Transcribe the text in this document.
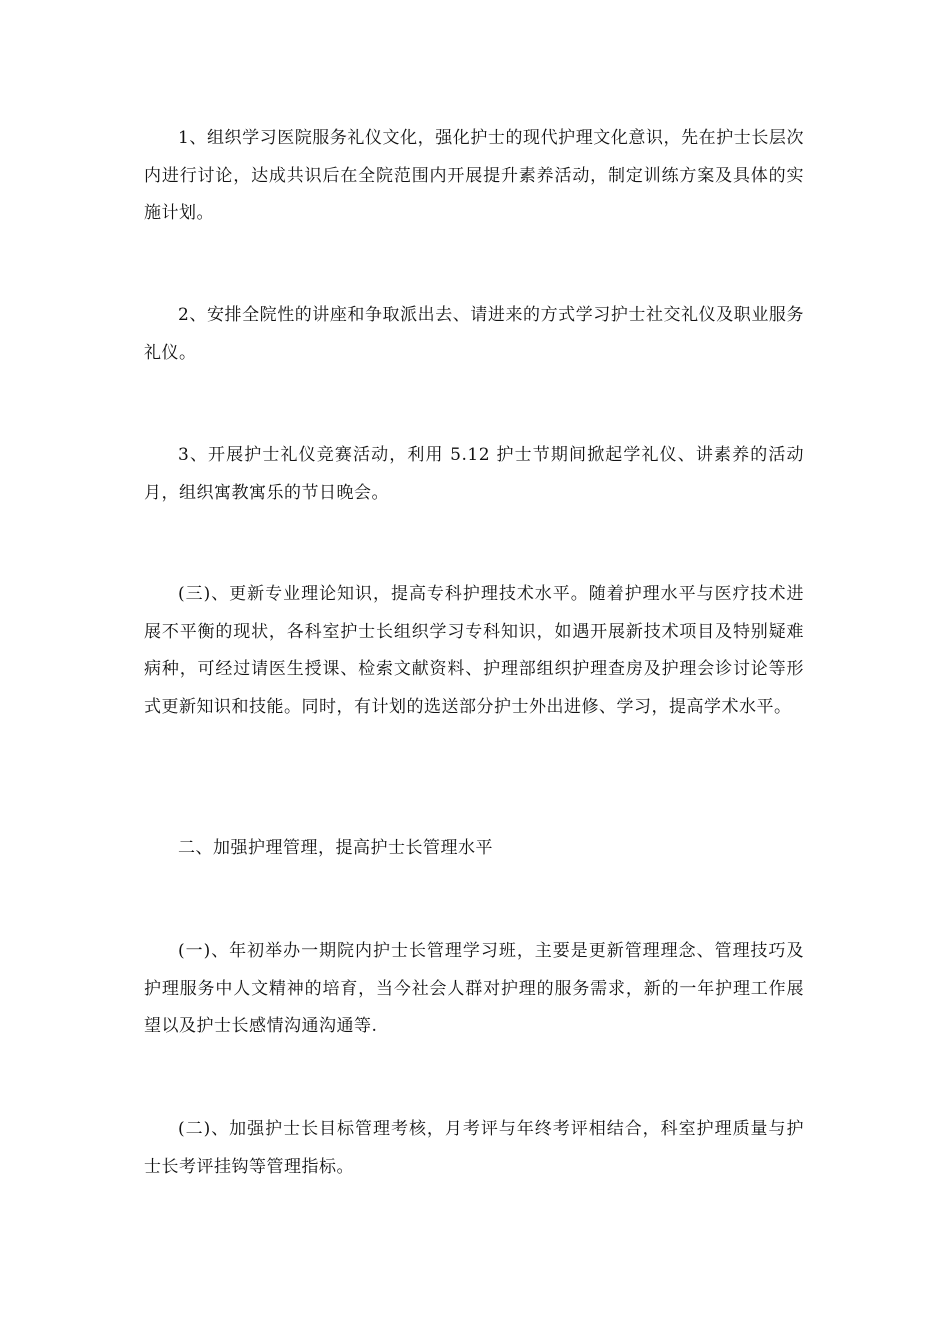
1、组织学习医院服务礼仪文化，强化护士的现代护理文化意识，先在护士长层次内进行讨论，达成共识后在全院范围内开展提升素养活动，制定训练方案及具体的实施计划。

2、安排全院性的讲座和争取派出去、请进来的方式学习护士社交礼仪及职业服务礼仪。

3、开展护士礼仪竞赛活动，利用 5.12 护士节期间掀起学礼仪、讲素养的活动月，组织寓教寓乐的节日晚会。

(三)、更新专业理论知识，提高专科护理技术水平。随着护理水平与医疗技术进展不平衡的现状，各科室护士长组织学习专科知识，如遇开展新技术项目及特别疑难病种，可经过请医生授课、检索文献资料、护理部组织护理查房及护理会诊讨论等形式更新知识和技能。同时，有计划的选送部分护士外出进修、学习，提高学术水平。

二、加强护理管理，提高护士长管理水平

(一)、年初举办一期院内护士长管理学习班，主要是更新管理理念、管理技巧及护理服务中人文精神的培育，当今社会人群对护理的服务需求，新的一年护理工作展望以及护士长感情沟通沟通等.

(二)、加强护士长目标管理考核，月考评与年终考评相结合，科室护理质量与护士长考评挂钩等管理指标。
